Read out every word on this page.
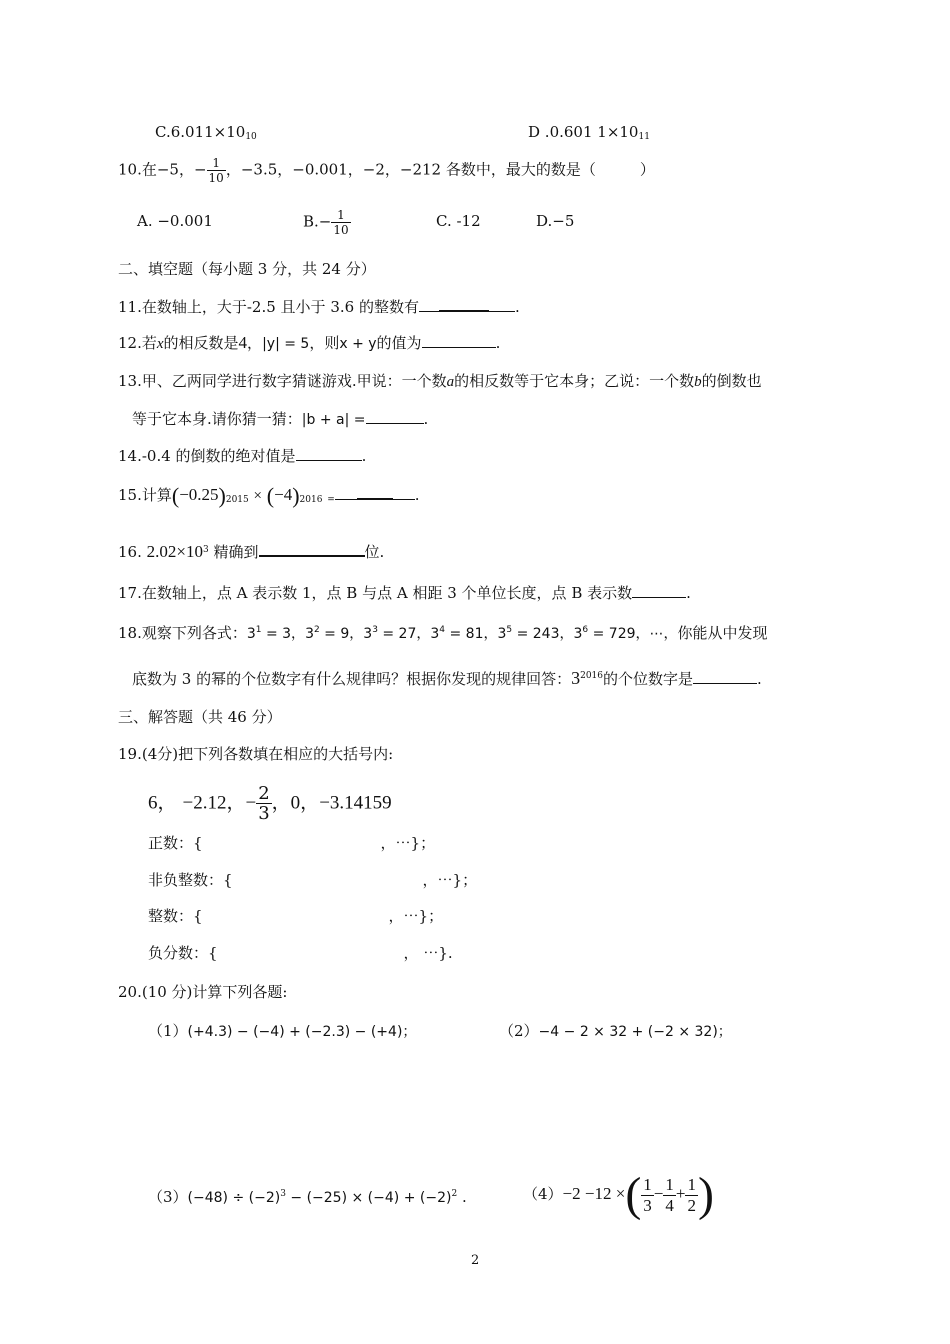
$C.6.011\times 10_{10}$	D .0.601 $1\times 10_{11}$
10.在−5，− $\frac{1}{10}$ ，−3.5，−0.001，−2，−212 各数中，最大的数是（	）
A. −0.001	$B.- \frac{1}{10}$	C. -12	D.−5
二、填空题（每小题 3 分，共 24 分）
11.在数轴上，大于-2.5 且小于 3.6 的整数有	.
12.若x的相反数是4，|y| = 5，则x + y的值为	.
13.甲、乙两同学进行数字猜谜游戏.甲说：一个数a的相反数等于它本身；乙说：一个数b的倒数也
等于它本身.请你猜一猜：|b + a| =	.
14.-0.4 的倒数的绝对值是	.
15.计算$(-0.25)_{2015} \times (-4)_{2016}$ $_=$	.
16. $2.02\times 10^3$ 精确到	位.
17.在数轴上，点 A 表示数 1，点 B 与点 A 相距 3 个单位长度，点 B 表示数	.
18.观察下列各式：$3^1 = 3$，$3^2 = 9$，$3^3 = 27$，$3^4 = 81$，$3^5 = 243$，$3^6 = 729$，⋯，你能从中发现
底数为 3 的幂的个位数字有什么规律吗？根据你发现的规律回答：$3^{2016}$的个位数字是	.
三、解答题（共 46 分）
19.(4分)把下列各数填在相应的大括号内:
6， −2.12，− $\frac{2}{3}$ ，0，−3.14159
正数：{	，⋯}；
非负整数：{	，⋯}；
整数：{	，⋯}；
负分数：{	， ⋯}.
20.(10 分)计算下列各题:
（1）(+4.3) − (−4) + (−2.3) − (+4)；	（2）−4 − 2 × 32 + (−2 × 32)；
$(3)(-48) \div (-2)^3 - (-25) \times (-4) + (-2)^2$ .	（4）−2 −12 ×( $\frac{1}{3} - \frac{1}{4} + \frac{1}{2}$ )
2
